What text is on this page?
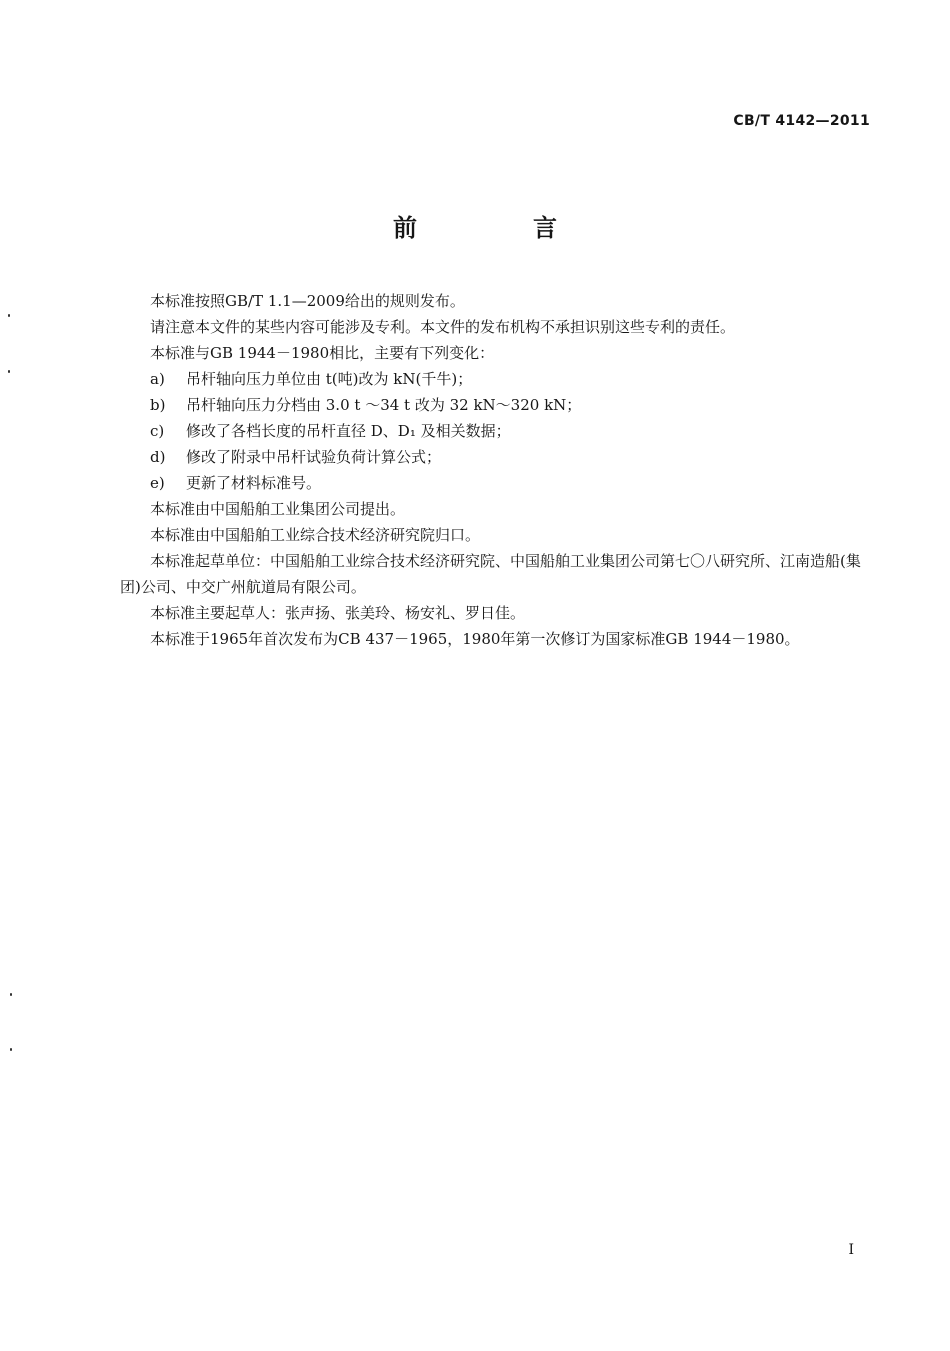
CB/T 4142—2011
前　言

本标准按照GB/T 1.1—2009给出的规则发布。

请注意本文件的某些内容可能涉及专利。本文件的发布机构不承担识别这些专利的责任。

本标准与GB 1944－1980相比，主要有下列变化：

a) 吊杆轴向压力单位由 t(吨)改为 kN(千牛)；

b) 吊杆轴向压力分档由 3.0 t ～34 t 改为 32 kN～320 kN；

c) 修改了各档长度的吊杆直径 D、D₁ 及相关数据；

d) 修改了附录中吊杆试验负荷计算公式；

e) 更新了材料标准号。

本标准由中国船舶工业集团公司提出。

本标准由中国船舶工业综合技术经济研究院归口。

本标准起草单位：中国船舶工业综合技术经济研究院、中国船舶工业集团公司第七〇八研究所、江南造船(集团)公司、中交广州航道局有限公司。

本标准主要起草人：张声扬、张美玲、杨安礼、罗日佳。

本标准于1965年首次发布为CB 437－1965，1980年第一次修订为国家标准GB 1944－1980。

I
